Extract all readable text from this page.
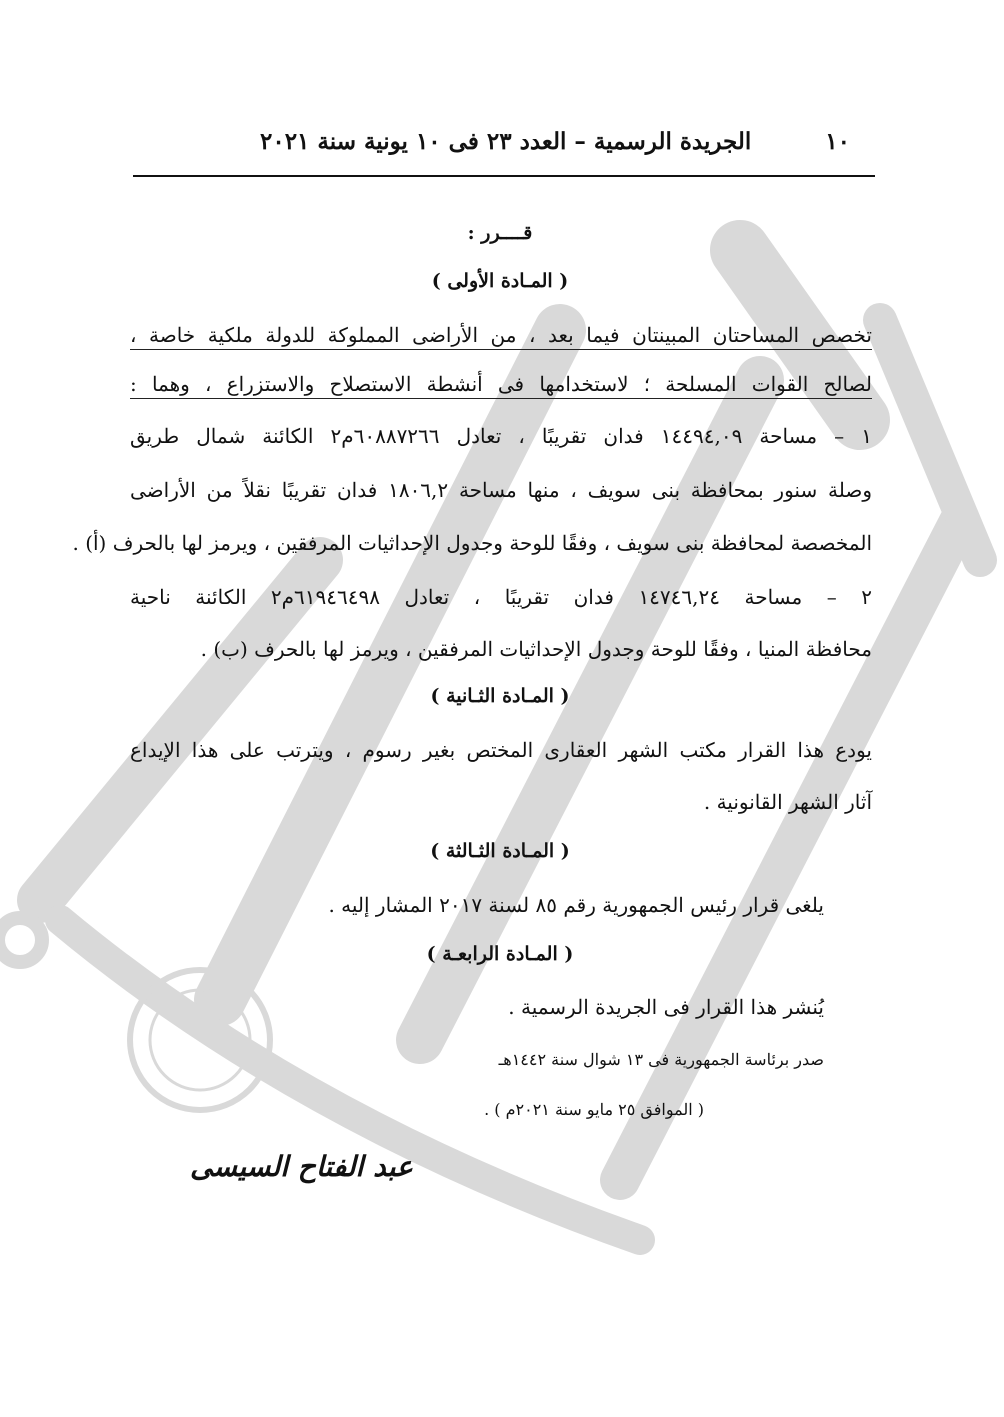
١٠
الجريدة الرسمية – العدد ٢٣ فى ١٠ يونية سنة ٢٠٢١
قــــرر :
( المـادة الأولى )
تخصص المساحتان المبينتان فيما بعد ، من الأراضى المملوكة للدولة ملكية خاصة ،
لصالح القوات المسلحة ؛ لاستخدامها فى أنشطة الاستصلاح والاستزراع ، وهما :
١ – مساحة ١٤٤٩٤,٠٩ فدان تقريبًا ، تعادل ٦٠٨٨٧٢٦٦م٢ الكائنة شمال طريق
وصلة سنور بمحافظة بنى سويف ، منها مساحة ١٨٠٦,٢ فدان تقريبًا نقلاً من الأراضى
المخصصة لمحافظة بنى سويف ، وفقًا للوحة وجدول الإحداثيات المرفقين ، ويرمز لها بالحرف (أ) .
٢ – مساحة ١٤٧٤٦,٢٤ فدان تقريبًا ، تعادل ٦١٩٤٦٤٩٨م٢ الكائنة ناحية
محافظة المنيا ، وفقًا للوحة وجدول الإحداثيات المرفقين ، ويرمز لها بالحرف (ب) .
( المـادة الثـانية )
يودع هذا القرار مكتب الشهر العقارى المختص بغير رسوم ، ويترتب على هذا الإيداع
آثار الشهر القانونية .
( المـادة الثـالثة )
يلغى قرار رئيس الجمهورية رقم ٨٥ لسنة ٢٠١٧ المشار إليه .
( المـادة الرابعـة )
يُنشر هذا القرار فى الجريدة الرسمية .
صدر برئاسة الجمهورية فى ١٣ شوال سنة ١٤٤٢هـ
( الموافق ٢٥ مايو سنة ٢٠٢١م ) .
عبد الفتاح السيسى
